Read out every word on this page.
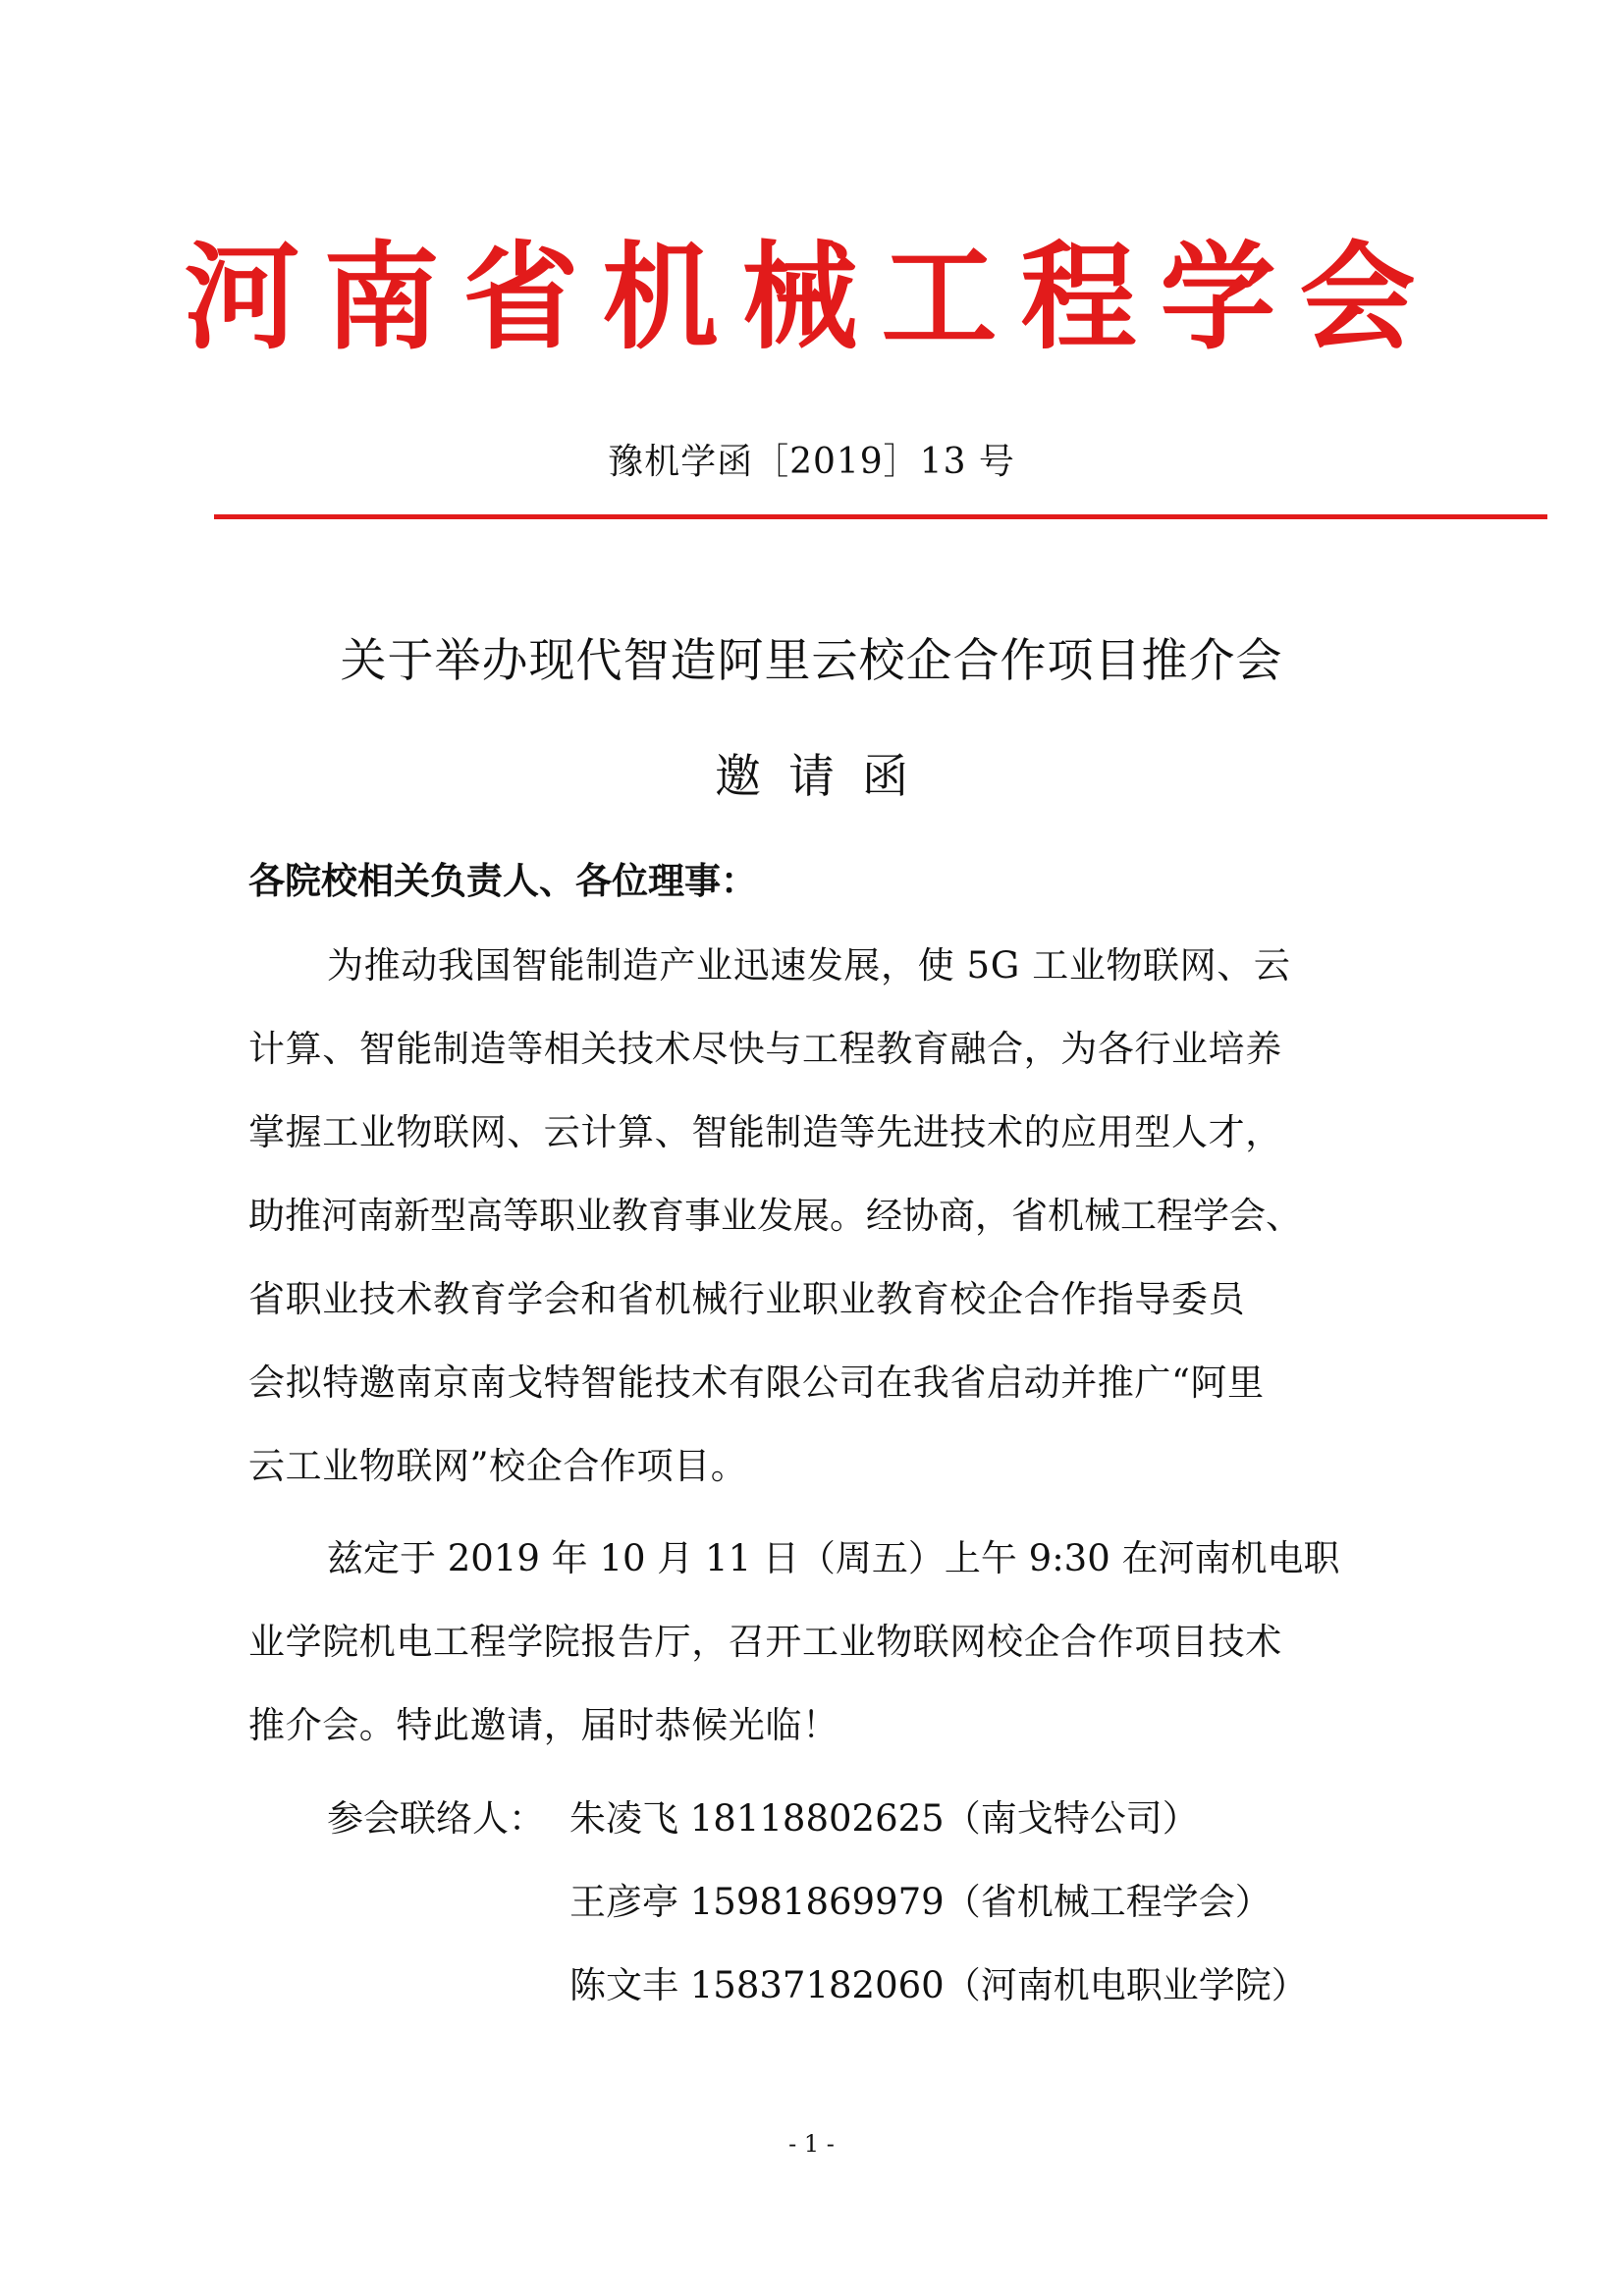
河南省机械工程学会
豫机学函［2019］13 号
关于举办现代智造阿里云校企合作项目推介会
邀请函
各院校相关负责人、各位理事：
为推动我国智能制造产业迅速发展，使 5G 工业物联网、云
计算、智能制造等相关技术尽快与工程教育融合，为各行业培养
掌握工业物联网、云计算、智能制造等先进技术的应用型人才，
助推河南新型高等职业教育事业发展。经协商，省机械工程学会、
省职业技术教育学会和省机械行业职业教育校企合作指导委员
会拟特邀南京南戈特智能技术有限公司在我省启动并推广“阿里
云工业物联网”校企合作项目。
兹定于 2019 年 10 月 11 日（周五）上午 9:30 在河南机电职
业学院机电工程学院报告厅，召开工业物联网校企合作项目技术
推介会。特此邀请，届时恭候光临！
参会联络人： 朱凌飞 18118802625（南戈特公司）
王彦亭 15981869979（省机械工程学会）
陈文丰 15837182060（河南机电职业学院）
- 1 -
